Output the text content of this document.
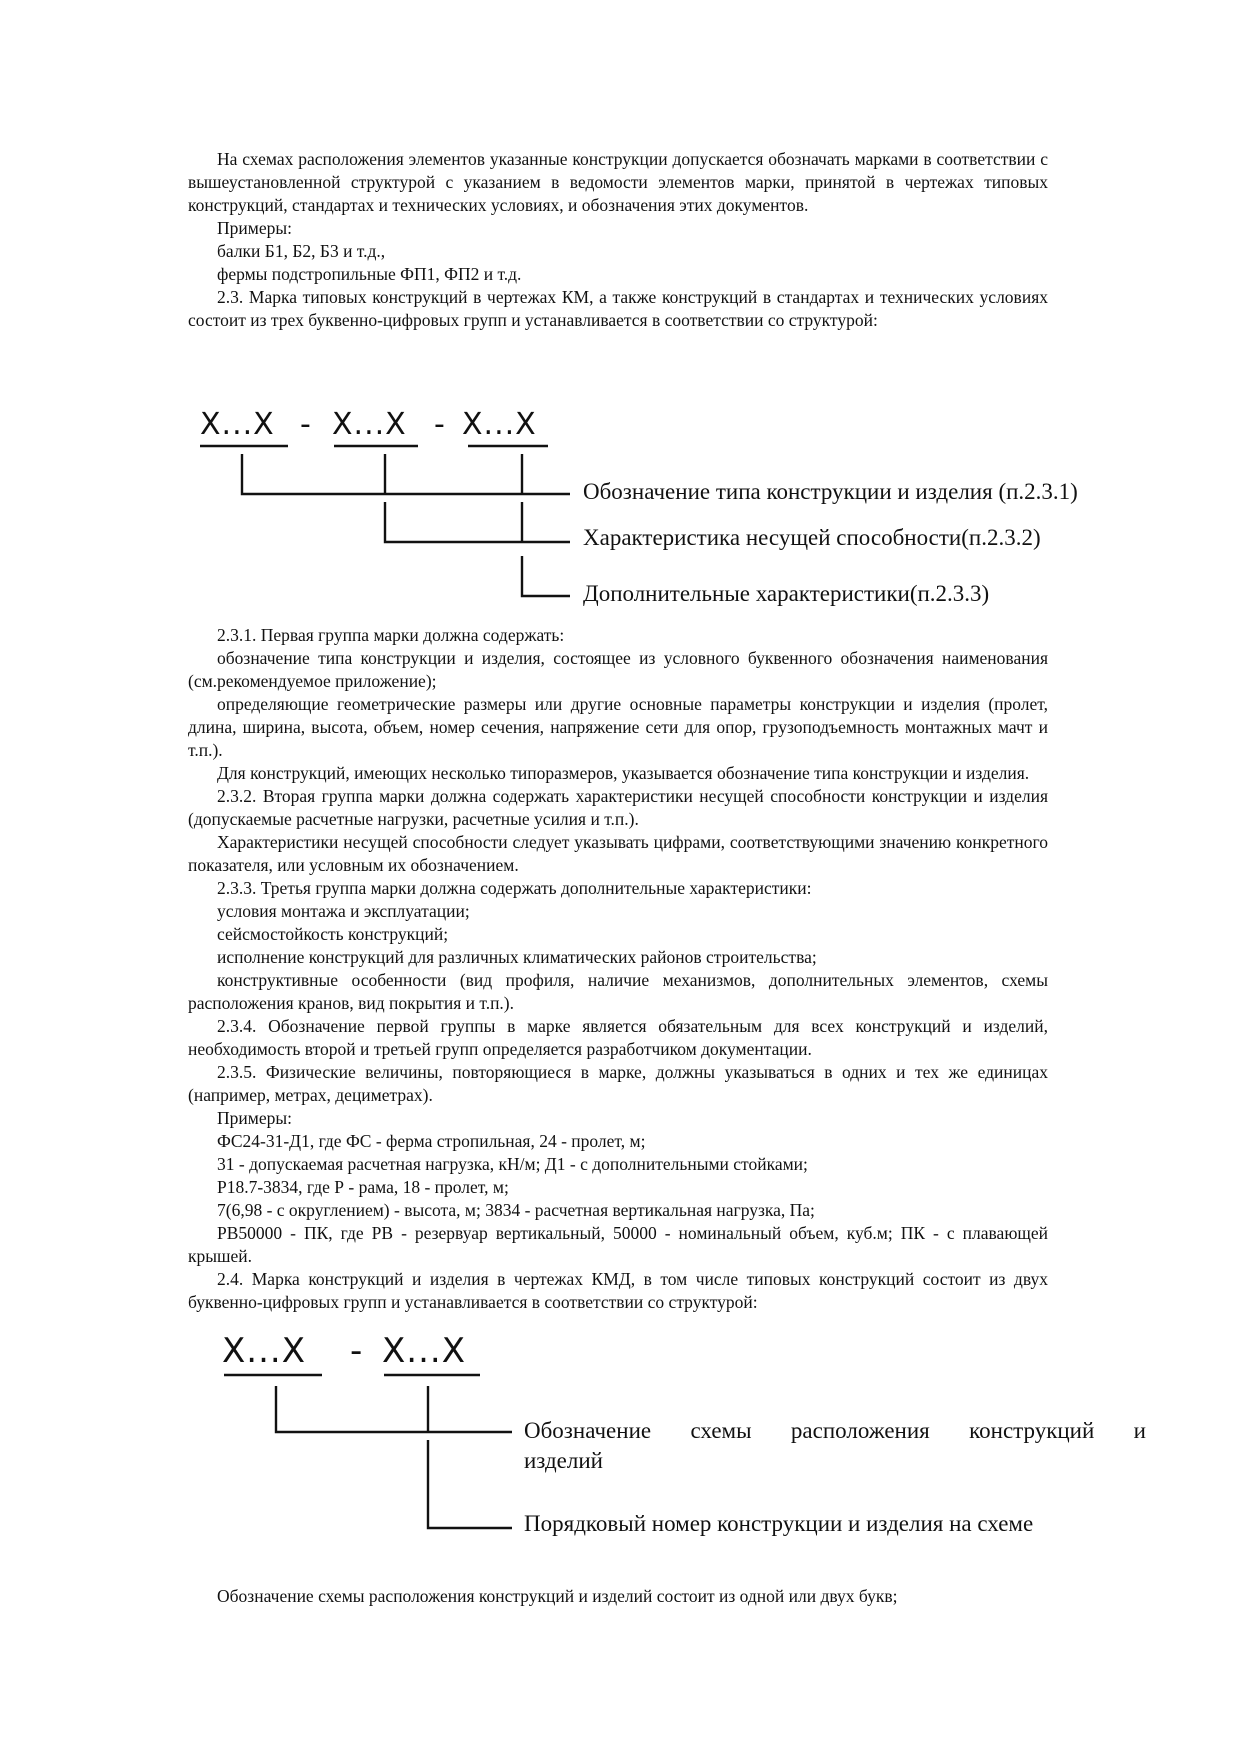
На схемах расположения элементов указанные конструкции допускается обозначать марками в соответствии с вышеустановленной структурой с указанием в ведомости элементов марки, принятой в чертежах типовых конструкций, стандартах и технических условиях, и обозначения этих документов.

Примеры:

балки Б1, Б2, Б3 и т.д.,

фермы подстропильные ФП1, ФП2 и т.д.

2.3. Марка типовых конструкций в чертежах КМ, а также конструкций в стандартах и технических условиях состоит из трех буквенно-цифровых групп и устанавливается в соответствии со структурой:

X...X - X...X - X...X
Обозначение типа конструкции и изделия (п.2.3.1)
Характеристика несущей способности(п.2.3.2)
Дополнительные характеристики(п.2.3.3)

2.3.1. Первая группа марки должна содержать:

обозначение типа конструкции и изделия, состоящее из условного буквенного обозначения наименования (см.рекомендуемое приложение);

определяющие геометрические размеры или другие основные параметры конструкции и изделия (пролет, длина, ширина, высота, объем, номер сечения, напряжение сети для опор, грузоподъемность монтажных мачт и т.п.).

Для конструкций, имеющих несколько типоразмеров, указывается обозначение типа конструкции и изделия.

2.3.2. Вторая группа марки должна содержать характеристики несущей способности конструкции и изделия (допускаемые расчетные нагрузки, расчетные усилия и т.п.).

Характеристики несущей способности следует указывать цифрами, соответствующими значению конкретного показателя, или условным их обозначением.

2.3.3. Третья группа марки должна содержать дополнительные характеристики:

условия монтажа и эксплуатации;

сейсмостойкость конструкций;

исполнение конструкций для различных климатических районов строительства;

конструктивные особенности (вид профиля, наличие механизмов, дополнительных элементов, схемы расположения кранов, вид покрытия и т.п.).

2.3.4. Обозначение первой группы в марке является обязательным для всех конструкций и изделий, необходимость второй и третьей групп определяется разработчиком документации.

2.3.5. Физические величины, повторяющиеся в марке, должны указываться в одних и тех же единицах (например, метрах, дециметрах).

Примеры:

ФС24-31-Д1, где ФС - ферма стропильная, 24 - пролет, м;

31 - допускаемая расчетная нагрузка, кН/м; Д1 - с дополнительными стойками;

Р18.7-3834, где Р - рама, 18 - пролет, м;

7(6,98 - с округлением) - высота, м; 3834 - расчетная вертикальная нагрузка, Па;

РВ50000 - ПК, где РВ - резервуар вертикальный, 50000 - номинальный объем, куб.м; ПК - с плавающей крышей.

2.4. Марка конструкций и изделия в чертежах КМД, в том числе типовых конструкций состоит из двух буквенно-цифровых групп и устанавливается в соответствии со структурой:

X...X - X...X
Обозначение схемы расположения конструкций и
изделий
Порядковый номер конструкции и изделия на схеме

Обозначение схемы расположения конструкций и изделий состоит из одной или двух букв;
